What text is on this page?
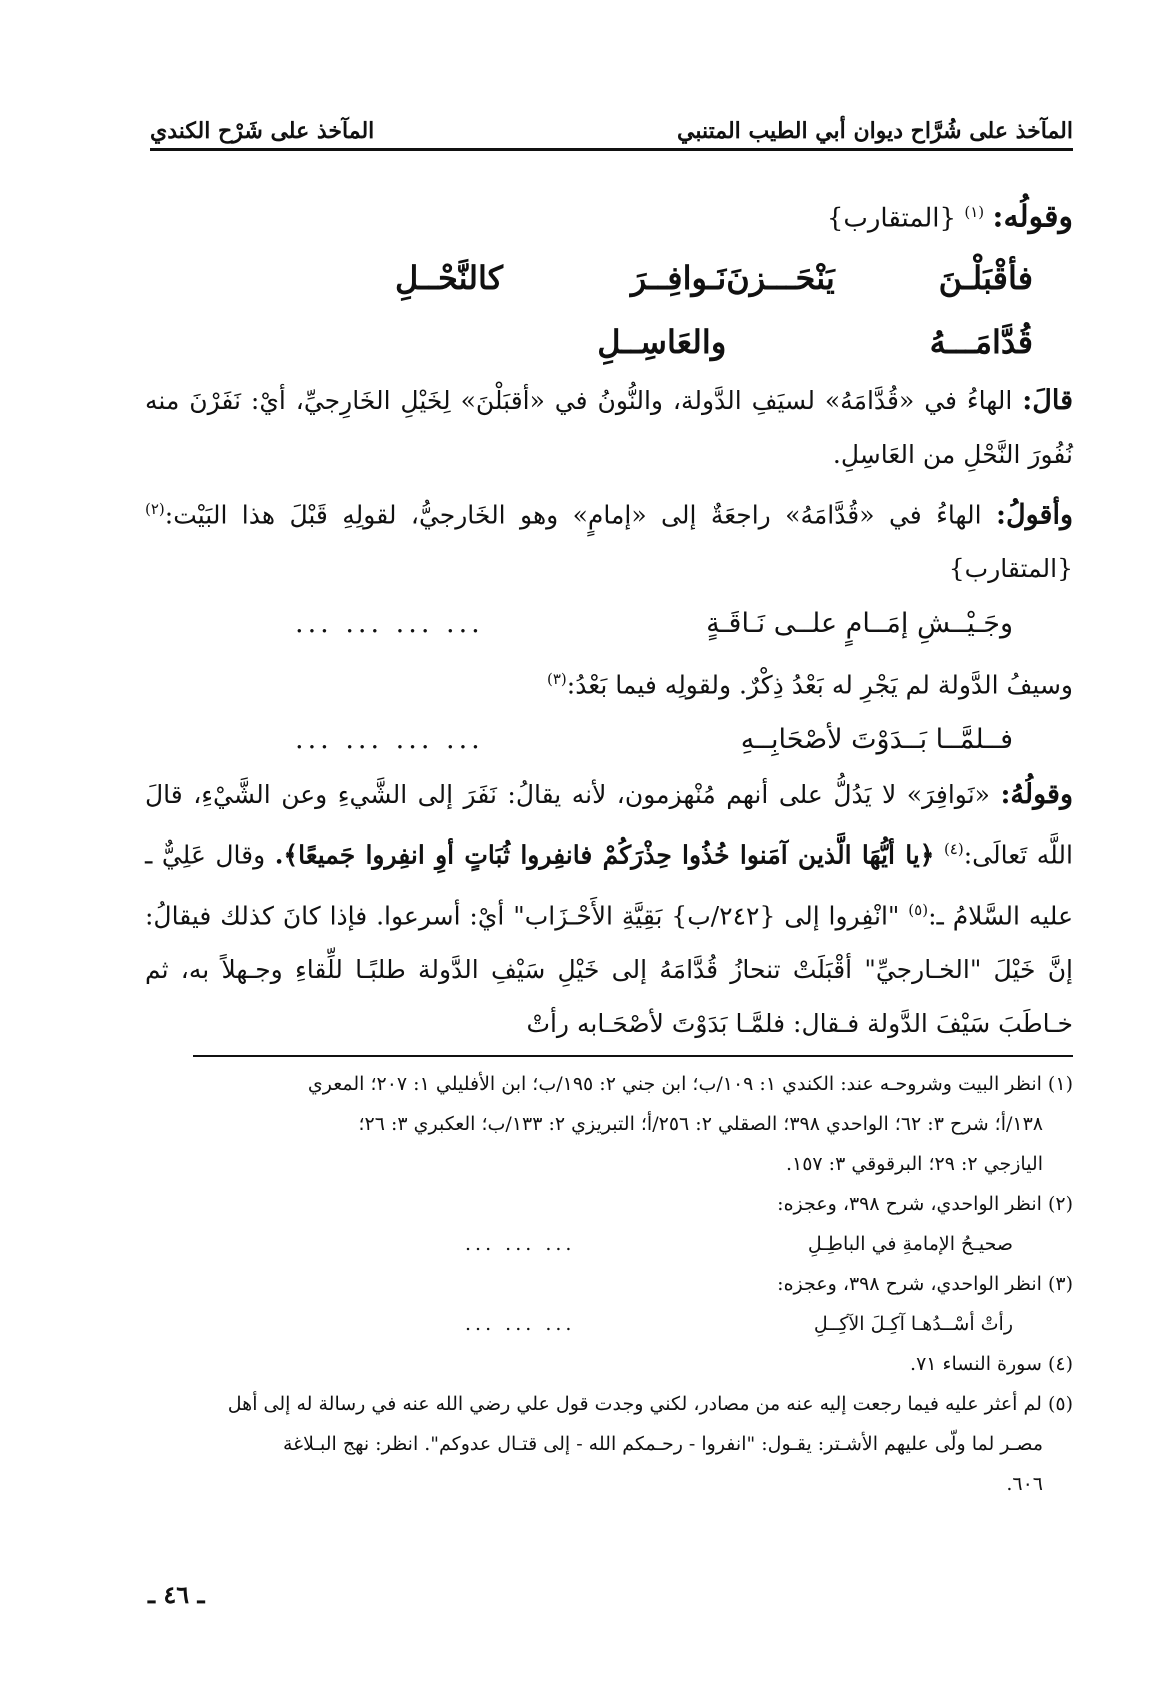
المآخذ على شُرَّاح ديوان أبي الطيب المتنبي
المآخذ على شَرْح الكندي

وقولُه: $^{(١)}$ {المتقارب}

فأقْبَلْـنَ يَنْحَـــزنَ قُدَّامَـــهُ
نَـوافِــرَ كالنَّحْــلِ والعَاسِــلِ

قالَ: الهاءُ في «قُدَّامَهُ» لسيَفِ الدَّولة، والنُّونُ في «أقبَلْنَ» لِخَيْلِ الخَارِجيِّ، أيْ: نَفَرْنَ منه نُفُورَ النَّحْلِ من العَاسِلِ.

وأقولُ: الهاءُ في «قُدَّامَهُ» راجعَةٌ إلى «إمامٍ» وهو الخَارجيُّ، لقولِهِ قَبْلَ هذا البَيْت:$^{(٢)}$ {المتقارب}

وجَـيْــشِ إمَــامٍ علــى نَـاقَـةٍ
... ... ... ...

وسيفُ الدَّولة لم يَجْرِ له بَعْدُ ذِكْرٌ. ولقولِه فيما بَعْدُ:$^{(٣)}$

فــلمَّــا بَــدَوْتَ لأصْحَابِــهِ
... ... ... ...

وقولُهُ: «نَوافِرَ» لا يَدُلُّ على أنهم مُنْهزمون، لأنه يقالُ: نَفَرَ إلى الشَّيءِ وعن الشَّيْءِ، قالَ اللَّه تَعالَى:$^{(٤)}$ ﴿يا أيُّهَا الَّذين آمَنوا خُذُوا حِذْرَكُمْ فانفِروا ثُبَاتٍ أوِ انفِروا جَميعًا﴾. وقال عَلِيٌّ ـ عليه السَّلامُ ـ:$^{(٥)}$ "انْفِروا إلى {٢٤٢/ب} بَقِيَّةِ الأَحْـزَاب" أيْ: أسرعوا. فإذا كانَ كذلك فيقالُ: إنَّ خَيْلَ "الخـارجيِّ" أقْبَلَتْ تنحازُ قُدَّامَهُ إلى خَيْلِ سَيْفِ الدَّولة طلبًـا للِّقاءِ وجـهلاً به، ثم خـاطَبَ سَيْفَ الدَّولة فـقال: فلمَّـا بَدَوْتَ لأصْحَـابه رأتْ

(١) انظر البيت وشروحـه عند: الكندي ١: ١٠٩/ب؛ ابن جني ٢: ١٩٥/ب؛ ابن الأفليلي ١: ٢٠٧؛ المعري

١٣٨/أ؛ شرح ٣: ٦٢؛ الواحدي ٣٩٨؛ الصقلي ٢: ٢٥٦/أ؛ التبريزي ٢: ١٣٣/ب؛ العكبري ٣: ٢٦؛

اليازجي ٢: ٢٩؛ البرقوقي ٣: ١٥٧.

(٢) انظر الواحدي، شرح ٣٩٨، وعجزه:

صحيـحُ الإمامةِ في الباطِـلِ
... ... ...

(٣) انظر الواحدي، شرح ٣٩٨، وعجزه:

رأتْ أسْــدُهـا آكِـلَ الآكِــلِ
... ... ...

(٤) سورة النساء ٧١.

(٥) لم أعثر عليه فيما رجعت إليه عنه من مصادر، لكني وجدت قول علي رضي الله عنه في رسالة له إلى أهل

مصـر لما ولّى عليهم الأشـتر: يقـول: "انفروا - رحـمكم الله - إلى قتـال عدوكم". انظر: نهج البـلاغة

٦٠٦.

ـ ٤٦ ـ
